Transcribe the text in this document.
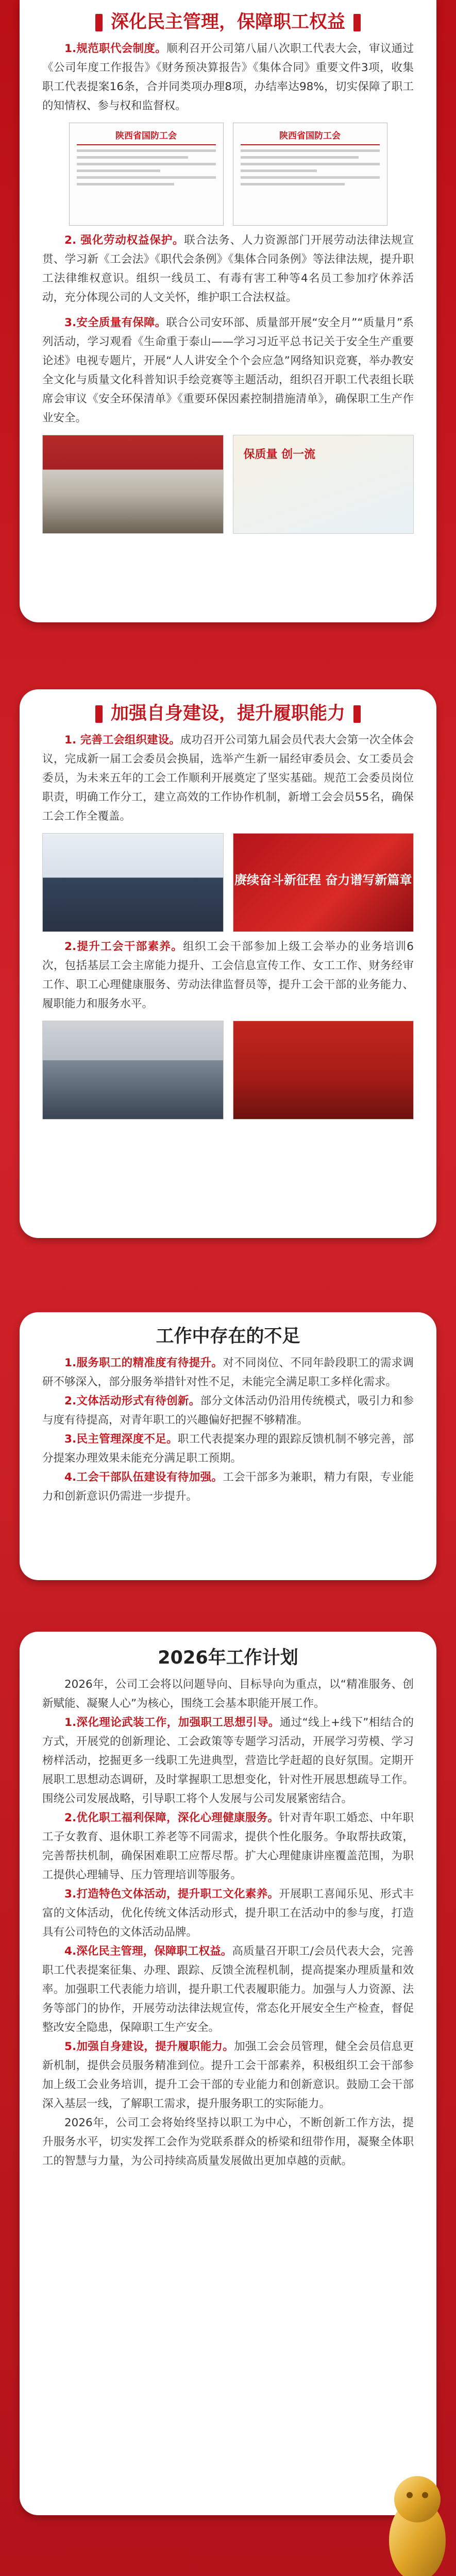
深化民主管理，保障职工权益

1.规范职代会制度。顺利召开公司第八届八次职工代表大会，审议通过《公司年度工作报告》《财务预决算报告》《集体合同》重要文件3项，收集职工代表提案16条，合并同类项办理8项，办结率达98%，切实保障了职工的知情权、参与权和监督权。

陕西省国防工会	陕西省国防工会

2. 强化劳动权益保护。联合法务、人力资源部门开展劳动法律法规宣贯、学习新《工会法》《职代会条例》《集体合同条例》等法律法规，提升职工法律维权意识。组织一线员工、有毒有害工种等4名员工参加疗休养活动，充分体现公司的人文关怀，维护职工合法权益。

3.安全质量有保障。联合公司安环部、质量部开展“安全月”“质量月”系列活动，学习观看《生命重于泰山——学习习近平总书记关于安全生产重要论述》电视专题片，开展“人人讲安全个个会应急”网络知识竞赛，举办教安全文化与质量文化科普知识手绘竞赛等主题活动，组织召开职工代表组长联席会审议《安全环保清单》《重要环保因素控制措施清单》，确保职工生产作业安全。

保质量 创一流
加强自身建设，提升履职能力

1. 完善工会组织建设。成功召开公司第九届会员代表大会第一次全体会议，完成新一届工会委员会换届，选举产生新一届经审委员会、女工委员会委员，为未来五年的工会工作顺利开展奠定了坚实基础。规范工会委员岗位职责，明确工作分工，建立高效的工作协作机制，新增工会会员55名，确保工会工作全覆盖。

赓续奋斗新征程 奋力谱写新篇章

2.提升工会干部素养。组织工会干部参加上级工会举办的业务培训6次，包括基层工会主席能力提升、工会信息宣传工作、女工工作、财务经审工作、职工心理健康服务、劳动法律监督员等，提升工会干部的业务能力、履职能力和服务水平。

工作中存在的不足

1.服务职工的精准度有待提升。对不同岗位、不同年龄段职工的需求调研不够深入，部分服务举措针对性不足，未能完全满足职工多样化需求。

2.文体活动形式有待创新。部分文体活动仍沿用传统模式，吸引力和参与度有待提高，对青年职工的兴趣偏好把握不够精准。

3.民主管理深度不足。职工代表提案办理的跟踪反馈机制不够完善，部分提案办理效果未能充分满足职工预期。

4.工会干部队伍建设有待加强。工会干部多为兼职，精力有限，专业能力和创新意识仍需进一步提升。

2026年工作计划

2026年，公司工会将以问题导向、目标导向为重点，以“精准服务、创新赋能、凝聚人心”为核心，围绕工会基本职能开展工作。

1.深化理论武装工作，加强职工思想引导。通过“线上+线下”相结合的方式，开展党的创新理论、工会政策等专题学习活动，开展学习劳模、学习榜样活动，挖掘更多一线职工先进典型，营造比学赶超的良好氛围。定期开展职工思想动态调研，及时掌握职工思想变化，针对性开展思想疏导工作。围绕公司发展战略，引导职工将个人发展与公司发展紧密结合。

2.优化职工福利保障，深化心理健康服务。针对青年职工婚恋、中年职工子女教育、退休职工养老等不同需求，提供个性化服务。争取帮扶政策，完善帮扶机制，确保困难职工应帮尽帮。扩大心理健康讲座覆盖范围，为职工提供心理辅导、压力管理培训等服务。

3.打造特色文体活动，提升职工文化素养。开展职工喜闻乐见、形式丰富的文体活动，优化传统文体活动形式，提升职工在活动中的参与度，打造具有公司特色的文体活动品牌。

4.深化民主管理，保障职工权益。高质量召开职工/会员代表大会，完善职工代表提案征集、办理、跟踪、反馈全流程机制，提高提案办理质量和效率。加强职工代表能力培训，提升职工代表履职能力。加强与人力资源、法务等部门的协作，开展劳动法律法规宣传，常态化开展安全生产检查，督促整改安全隐患，保障职工生产安全。

5.加强自身建设，提升履职能力。加强工会会员管理，健全会员信息更新机制，提供会员服务精准到位。提升工会干部素养，积极组织工会干部参加上级工会业务培训，提升工会干部的专业能力和创新意识。鼓励工会干部深入基层一线，了解职工需求，提升服务职工的实际能力。

2026年，公司工会将始终坚持以职工为中心，不断创新工作方法，提升服务水平，切实发挥工会作为党联系群众的桥梁和纽带作用，凝聚全体职工的智慧与力量，为公司持续高质量发展做出更加卓越的贡献。
